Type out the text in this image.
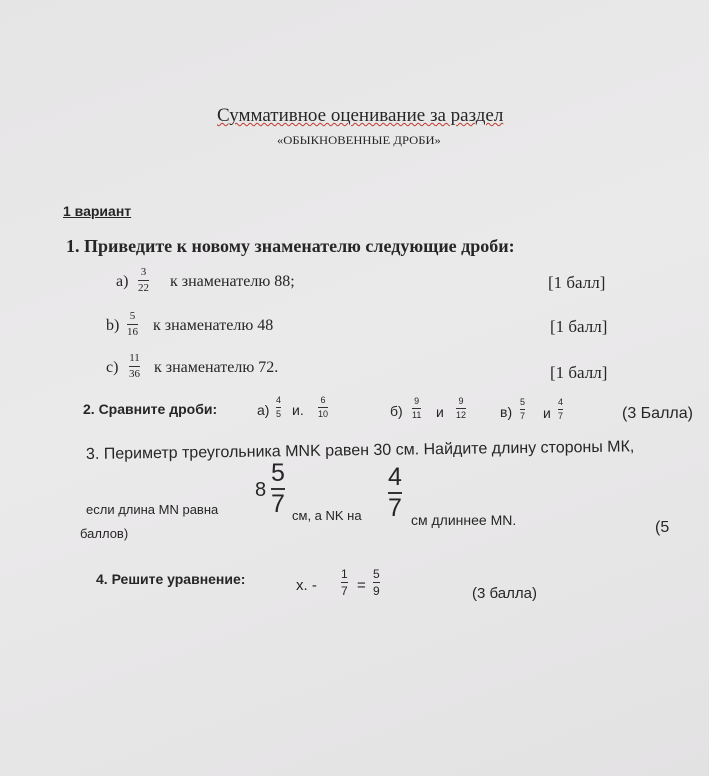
Суммативное оценивание за раздел
«ОБЫКНОВЕННЫЕ ДРОБИ»
1 вариант
1. Приведите к новому знаменателю следующие дроби:
а)
3
22 к знаменателю 88;	[1 балл]
b)
5
16 к знаменателю 48	[1 балл]
с)
11
36 к знаменателю 72.	[1 балл]
2. Сравните дроби:	а)
4
5 и.
6
10	б)
9
11 и
9
12 в)
5
7 и
4
7	(3 Балла)
3. Периметр треугольника MNK равен 30 см. Найдите длину стороны МК,
если длина MN равна
8
5
7 см, а NK на
4
7 см длиннее MN.	(5
баллов)
4. Решите уравнение:	х. -
1
7 =
5
9	(3 балла)
